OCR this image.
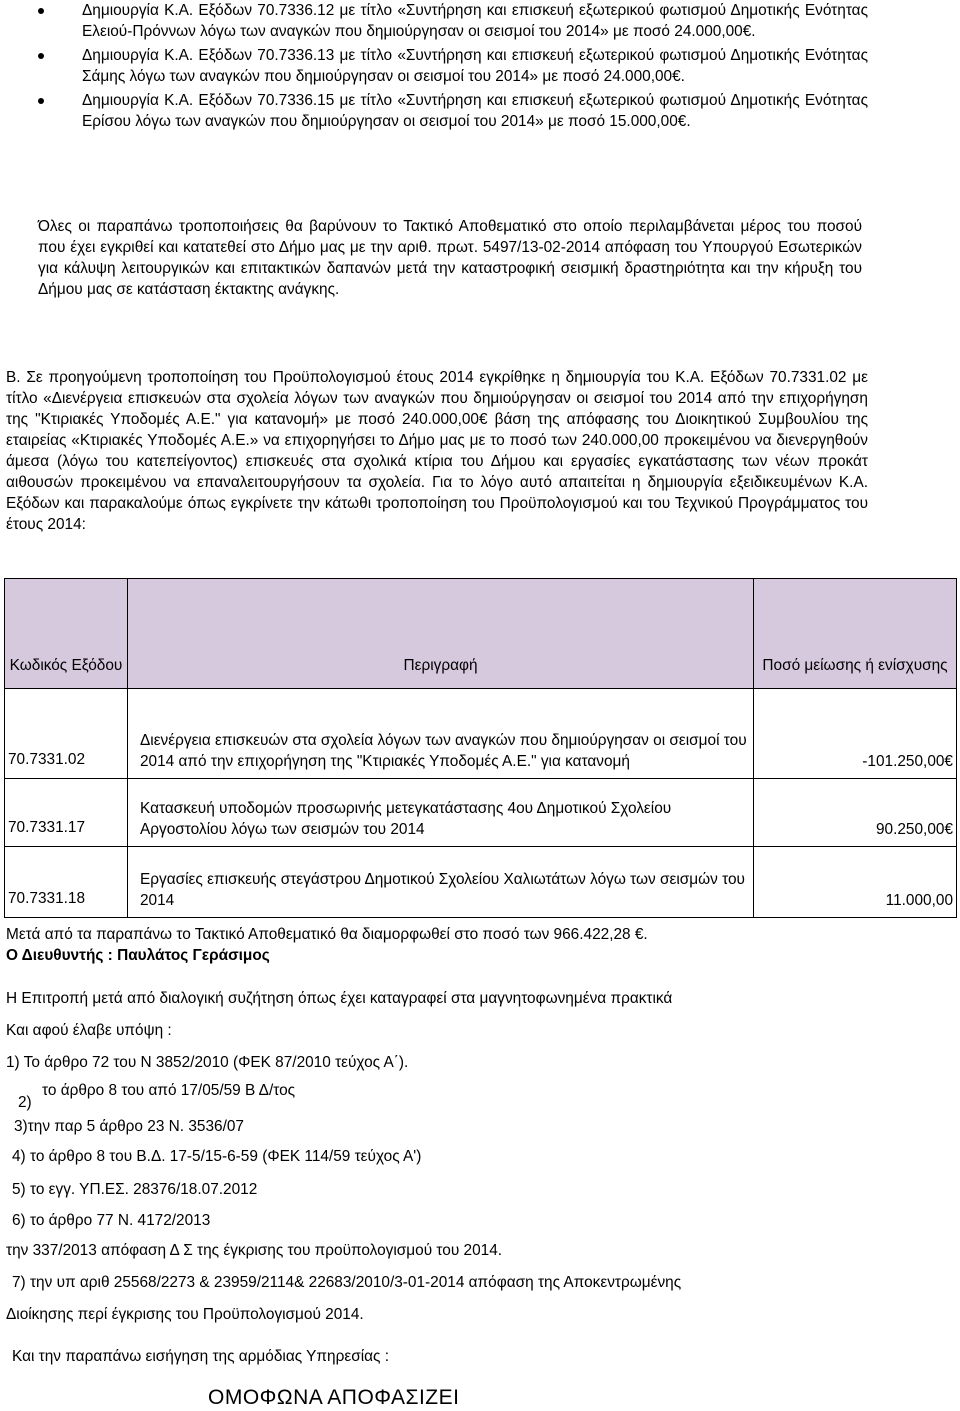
Δημιουργία Κ.Α. Εξόδων 70.7336.12 με τίτλο «Συντήρηση και επισκευή εξωτερικού φωτισμού Δημοτικής Ενότητας Ελειού-Πρόννων λόγω των αναγκών που δημιούργησαν οι σεισμοί του 2014» με ποσό 24.000,00€.
Δημιουργία Κ.Α. Εξόδων 70.7336.13 με τίτλο «Συντήρηση και επισκευή εξωτερικού φωτισμού Δημοτικής Ενότητας Σάμης λόγω των αναγκών που δημιούργησαν οι σεισμοί του 2014» με ποσό 24.000,00€.
Δημιουργία Κ.Α. Εξόδων 70.7336.15 με τίτλο «Συντήρηση και επισκευή εξωτερικού φωτισμού Δημοτικής Ενότητας Ερίσου λόγω των αναγκών που δημιούργησαν οι σεισμοί του 2014» με ποσό 15.000,00€.

Όλες οι παραπάνω τροποποιήσεις θα βαρύνουν το Τακτικό Αποθεματικό στο οποίο περιλαμβάνεται μέρος του ποσού που έχει εγκριθεί και κατατεθεί στο Δήμο μας με την αριθ. πρωτ. 5497/13-02-2014 απόφαση του Υπουργού Εσωτερικών για κάλυψη λειτουργικών και επιτακτικών δαπανών μετά την καταστροφική σεισμική δραστηριότητα και την κήρυξη του Δήμου μας σε κατάσταση έκτακτης ανάγκης.

Β. Σε προηγούμενη τροποποίηση του Προϋπολογισμού έτους 2014 εγκρίθηκε η δημιουργία του Κ.Α. Εξόδων 70.7331.02 με τίτλο «Διενέργεια επισκευών στα σχολεία λόγων των αναγκών που δημιούργησαν οι σεισμοί του 2014 από την επιχορήγηση της "Κτιριακές Υποδομές Α.Ε." για κατανομή» με ποσό 240.000,00€ βάση της απόφασης του Διοικητικού Συμβουλίου της εταιρείας «Κτιριακές Υποδομές Α.Ε.» να επιχορηγήσει το Δήμο μας με το ποσό των 240.000,00 προκειμένου να διενεργηθούν άμεσα (λόγω του κατεπείγοντος) επισκευές στα σχολικά κτίρια του Δήμου και εργασίες εγκατάστασης των νέων προκάτ αιθουσών προκειμένου να επαναλειτουργήσουν τα σχολεία. Για το λόγο αυτό απαιτείται η δημιουργία εξειδικευμένων Κ.Α. Εξόδων και παρακαλούμε όπως εγκρίνετε την κάτωθι τροποποίηση του Προϋπολογισμού και του Τεχνικού Προγράμματος του έτους 2014:

Κωδικός Εξόδου	Περιγραφή	Ποσό μείωσης ή ενίσχυσης
70.7331.02	Διενέργεια επισκευών στα σχολεία λόγων των αναγκών που δημιούργησαν οι σεισμοί του 2014 από την επιχορήγηση της "Κτιριακές Υποδομές Α.Ε." για κατανομή	-101.250,00€
70.7331.17	Κατασκευή υποδομών προσωρινής μετεγκατάστασης 4ου Δημοτικού Σχολείου Αργοστολίου λόγω των σεισμών του 2014	90.250,00€
70.7331.18	Εργασίες επισκευής στεγάστρου Δημοτικού Σχολείου Χαλιωτάτων λόγω των σεισμών του 2014	11.000,00

Μετά από τα παραπάνω το Τακτικό Αποθεματικό θα διαμορφωθεί στο ποσό των 966.422,28 €.

Ο Διευθυντής : Παυλάτος Γεράσιμος

Η Επιτροπή μετά από διαλογική συζήτηση όπως έχει καταγραφεί στα μαγνητοφωνημένα πρακτικά

Και αφού έλαβε υπόψη :

1) Το άρθρο 72 του Ν 3852/2010 (ΦΕΚ 87/2010 τεύχος Α΄).

το άρθρο 8 του από 17/05/59 Β Δ/τος

2)

3)την παρ 5 άρθρο 23 Ν. 3536/07

4) το άρθρο 8 του Β.Δ. 17-5/15-6-59 (ΦΕΚ 114/59 τεύχος Α')

5) το εγγ. ΥΠ.ΕΣ. 28376/18.07.2012

6) το άρθρο 77 Ν. 4172/2013

την 337/2013 απόφαση Δ Σ της έγκρισης του προϋπολογισμού του 2014.

7) την υπ αριθ 25568/2273 & 23959/2114& 22683/2010/3-01-2014 απόφαση της Αποκεντρωμένης

Διοίκησης περί έγκρισης του Προϋπολογισμού 2014.

Και την παραπάνω εισήγηση της αρμόδιας Υπηρεσίας :

ΟΜΟΦΩΝΑ ΑΠΟΦΑΣΙΖΕΙ
